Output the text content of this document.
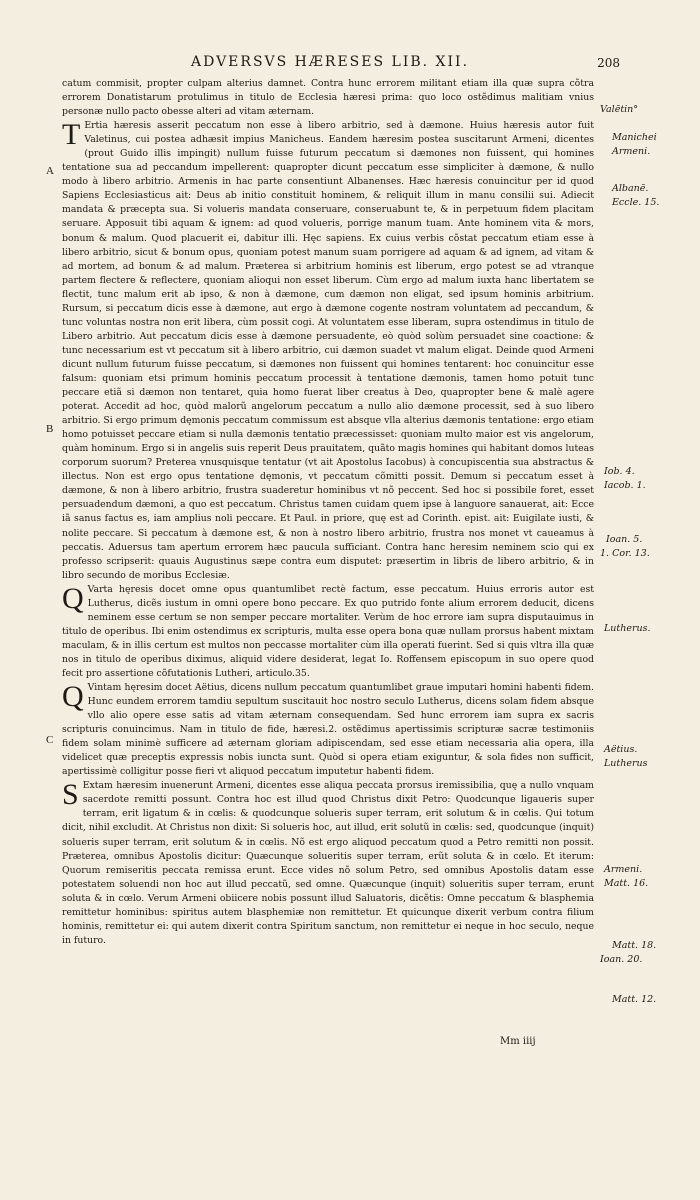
ADVERSVS HÆRESES LIB. XII.	208

catum commisit, propter culpam alterius damnet. Contra hunc errorem militant etiam illa quæ supra cõtra errorem Donatistarum protulimus in titulo de Ecclesia hæresi prima: quo loco ostẽdimus malitiam vnius personæ nullo pacto obesse alteri ad vitam æternam.

T Ertia hæresis asserit peccatum non esse à libero arbitrio, sed à dæmone. Huius hæresis autor fuit Valetinus, cui postea adhæsit impius Manicheus. Eandem hæresim postea suscitarunt Armeni, dicentes (prout Guido illis impingit) nullum fuisse futurum peccatum si dæmones non fuissent, qui homines tentatione sua ad peccandum impellerent: quapropter dicunt peccatum esse simpliciter à dæmone, & nullo modo à libero arbitrio. Armenis in hac parte consentiunt Albanenses. Hæc hæresis conuincitur per id quod Sapiens Ecclesiasticus ait: Deus ab initio constituit hominem, & reliquit illum in manu consilii sui. Adiecit mandata & præcepta sua. Si volueris mandata conseruare, conseruabunt te, & in perpetuum fidem placitam seruare. Apposuit tibi aquam & ignem: ad quod volueris, porrige manum tuam. Ante hominem vita & mors, bonum & malum. Quod placuerit ei, dabitur illi. Hęc sapiens. Ex cuius verbis cõstat peccatum etiam esse à libero arbitrio, sicut & bonum opus, quoniam potest manum suam porrigere ad aquam & ad ignem, ad vitam & ad mortem, ad bonum & ad malum. Præterea si arbitrium hominis est liberum, ergo potest se ad vtranque partem flectere & reflectere, quoniam alioqui non esset liberum. Cùm ergo ad malum iuxta hanc libertatem se flectit, tunc malum erit ab ipso, & non à dæmone, cum dæmon non eligat, sed ipsum hominis arbitrium. Rursum, si peccatum dicis esse à dæmone, aut ergo à dæmone cogente nostram voluntatem ad peccandum, & tunc voluntas nostra non erit libera, cùm possit cogi. At voluntatem esse liberam, supra ostendimus in titulo de Libero arbitrio. Aut peccatum dicis esse à dæmone persuadente, eò quòd solùm persuadet sine coactione: & tunc necessarium est vt peccatum sit à libero arbitrio, cui dæmon suadet vt malum eligat. Deinde quod Armeni dicunt nullum futurum fuisse peccatum, si dæmones non fuissent qui homines tentarent: hoc conuincitur esse falsum: quoniam etsi primum hominis peccatum processit à tentatione dæmonis, tamen homo potuit tunc peccare etiã si dæmon non tentaret, quia homo fuerat liber creatus à Deo, quapropter bene & malè agere poterat. Accedit ad hoc, quòd malorũ angelorum peccatum a nullo alio dæmone processit, sed à suo libero arbitrio. Si ergo primum dęmonis peccatum commissum est absque vlla alterius dæmonis tentatione: ergo etiam homo potuisset peccare etiam si nulla dæmonis tentatio præcessisset: quoniam multo maior est vis angelorum, quàm hominum. Ergo si in angelis suis reperit Deus prauitatem, quãto magis homines qui habitant domos luteas corporum suorum? Preterea vnusquisque tentatur (vt ait Apostolus Iacobus) à concupiscentia sua abstractus & illectus. Non est ergo opus tentatione dęmonis, vt peccatum cõmitti possit. Demum si peccatum esset à dæmone, & non à libero arbitrio, frustra suaderetur hominibus vt nõ peccent. Sed hoc si possibile foret, esset persuadendum dæmoni, a quo est peccatum. Christus tamen cuidam quem ipse à languore sanauerat, ait: Ecce iã sanus factus es, iam amplius noli peccare. Et Paul. in priore, quę est ad Corinth. epist. ait: Euigilate iusti, & nolite peccare. Si peccatum à dæmone est, & non à nostro libero arbitrio, frustra nos monet vt caueamus à peccatis. Aduersus tam apertum errorem hæc paucula sufficiant. Contra hanc heresim neminem scio qui ex professo scripserit: quauis Augustinus sæpe contra eum disputet: præsertim in libris de libero arbitrio, & in libro secundo de moribus Ecclesiæ.

Q Varta hęresis docet omne opus quantumlibet rectè factum, esse peccatum. Huius erroris autor est Lutherus, dicẽs iustum in omni opere bono peccare. Ex quo putrido fonte alium errorem deducit, dicens neminem esse certum se non semper peccare mortaliter. Verùm de hoc errore iam supra disputauimus in titulo de operibus. Ibi enim ostendimus ex scripturis, multa esse opera bona quæ nullam prorsus habent mixtam maculam, & in illis certum est multos non peccasse mortaliter cùm illa operati fuerint. Sed si quis vltra illa quæ nos in titulo de operibus diximus, aliquid videre desiderat, legat Io. Roffensem episcopum in suo opere quod fecit pro assertione cõfutationis Lutheri, articulo.35.

Q Vintam hęresim docet Aëtius, dicens nullum peccatum quantumlibet graue imputari homini habenti fidem. Hunc eundem errorem tamdiu sepultum suscitauit hoc nostro seculo Lutherus, dicens solam fidem absque vllo alio opere esse satis ad vitam æternam consequendam. Sed hunc errorem iam supra ex sacris scripturis conuincimus. Nam in titulo de fide, hæresi.2. ostẽdimus apertissimis scripturæ sacræ testimoniis fidem solam minimè sufficere ad æternam gloriam adipiscendam, sed esse etiam necessaria alia opera, illa videlicet quæ preceptis expressis nobis iuncta sunt. Quòd si opera etiam exiguntur, & sola fides non sufficit, apertissimè colligitur posse fieri vt aliquod peccatum imputetur habenti fidem.

S Extam hæresim inuenerunt Armeni, dicentes esse aliqua peccata prorsus iremissibilia, quę a nullo vnquam sacerdote remitti possunt. Contra hoc est illud quod Christus dixit Petro: Quodcunque ligaueris super terram, erit ligatum & in cœlis: & quodcunque solueris super terram, erit solutum & in cœlis. Qui totum dicit, nihil excludit. At Christus non dixit: Si solueris hoc, aut illud, erit solutũ in cœlis: sed, quodcunque (inquit) solueris super terram, erit solutum & in cœlis. Nõ est ergo aliquod peccatum quod a Petro remitti non possit. Præterea, omnibus Apostolis dicitur: Quæcunque solueritis super terram, erũt soluta & in cœlo. Et iterum: Quorum remiseritis peccata remissa erunt. Ecce vides nõ solum Petro, sed omnibus Apostolis datam esse potestatem soluendi non hoc aut illud peccatũ, sed omne. Quæcunque (inquit) solueritis super terram, erunt soluta & in cœlo. Verum Armeni obiicere nobis possunt illud Saluatoris, dicẽtis: Omne peccatum & blasphemia remittetur hominibus: spiritus autem blasphemiæ non remittetur. Et quicunque dixerit verbum contra filium hominis, remittetur ei: qui autem dixerit contra Spiritum sanctum, non remittetur ei neque in hoc seculo, neque in futuro.

A
B
C
Valētin°
Manichei
Armeni.
Albanē.
Eccle. 15.
Iob. 4.
Iacob. 1.
Ioan. 5.
1. Cor. 13.
Lutherus.
Aëtius.
Lutherus
Armeni.
Matt. 16.
Matt. 18.
Ioan. 20.
Matt. 12.
Mm iiij
